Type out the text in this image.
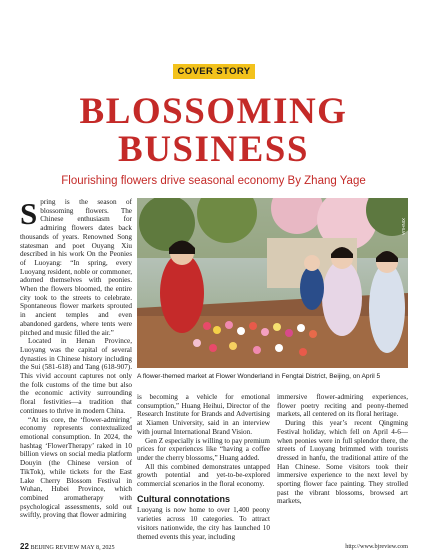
COVER STORY
BLOSSOMING
BUSINESS
Flourishing flowers drive seasonal economy By Zhang Yage

Spring is the season of blossoming flowers. The Chinese enthusiasm for admiring flowers dates back thousands of years. Renowned Song statesman and poet Ouyang Xiu described in his work On the Peonies of Luoyang: “In spring, every Luoyang resident, noble or commoner, adorned themselves with peonies. When the flowers bloomed, the entire city took to the streets to celebrate. Spontaneous flower markets sprouted in ancient temples and even abandoned gardens, where tents were pitched and music filled the air.”

Located in Henan Province, Luoyang was the capital of several dynasties in Chinese history including the Sui (581-618) and Tang (618-907). This vivid account captures not only the folk customs of the time but also the economic activity surrounding floral festivities—a tradition that continues to thrive in modern China.

“At its core, the ‘flower-admiring’ economy represents contextualized emotional consumption. In 2024, the hashtag ‘FlowerTherapy’ raked in 10 billion views on social media platform Douyin (the Chinese version of TikTok), while tickets for the East Lake Cherry Blossom Festival in Wuhan, Hubei Province, which combined aromatherapy with psychological assessments, sold out swiftly, proving that flower admiring

XINHUA
A flower-themed market at Flower Wonderland in Fengtai District, Beijing, on April 5

is becoming a vehicle for emotional consumption,” Huang Heihui, Director of the Research Institute for Brands and Advertising at Xiamen University, said in an interview with journal International Brand Vision.

Gen Z especially is willing to pay premium prices for experiences like “having a coffee under the cherry blossoms,” Huang added.

All this combined demonstrates untapped growth potential and yet-to-be-explored commercial scenarios in the floral economy.

Cultural connotations

Luoyang is now home to over 1,400 peony varieties across 10 categories. To attract visitors nationwide, the city has launched 10 themed events this year, including

immersive flower-admiring experiences, flower poetry reciting and peony-themed markets, all centered on its floral heritage.

During this year’s recent Qingming Festival holiday, which fell on April 4-6—when peonies were in full splendor there, the streets of Luoyang brimmed with tourists dressed in hanfu, the traditional attire of the Han Chinese. Some visitors took their immersive experience to the next level by sporting flower face painting. They strolled past the vibrant blossoms, browsed art markets,

22 BEIJING REVIEW MAY 8, 2025	http://www.bjreview.com
